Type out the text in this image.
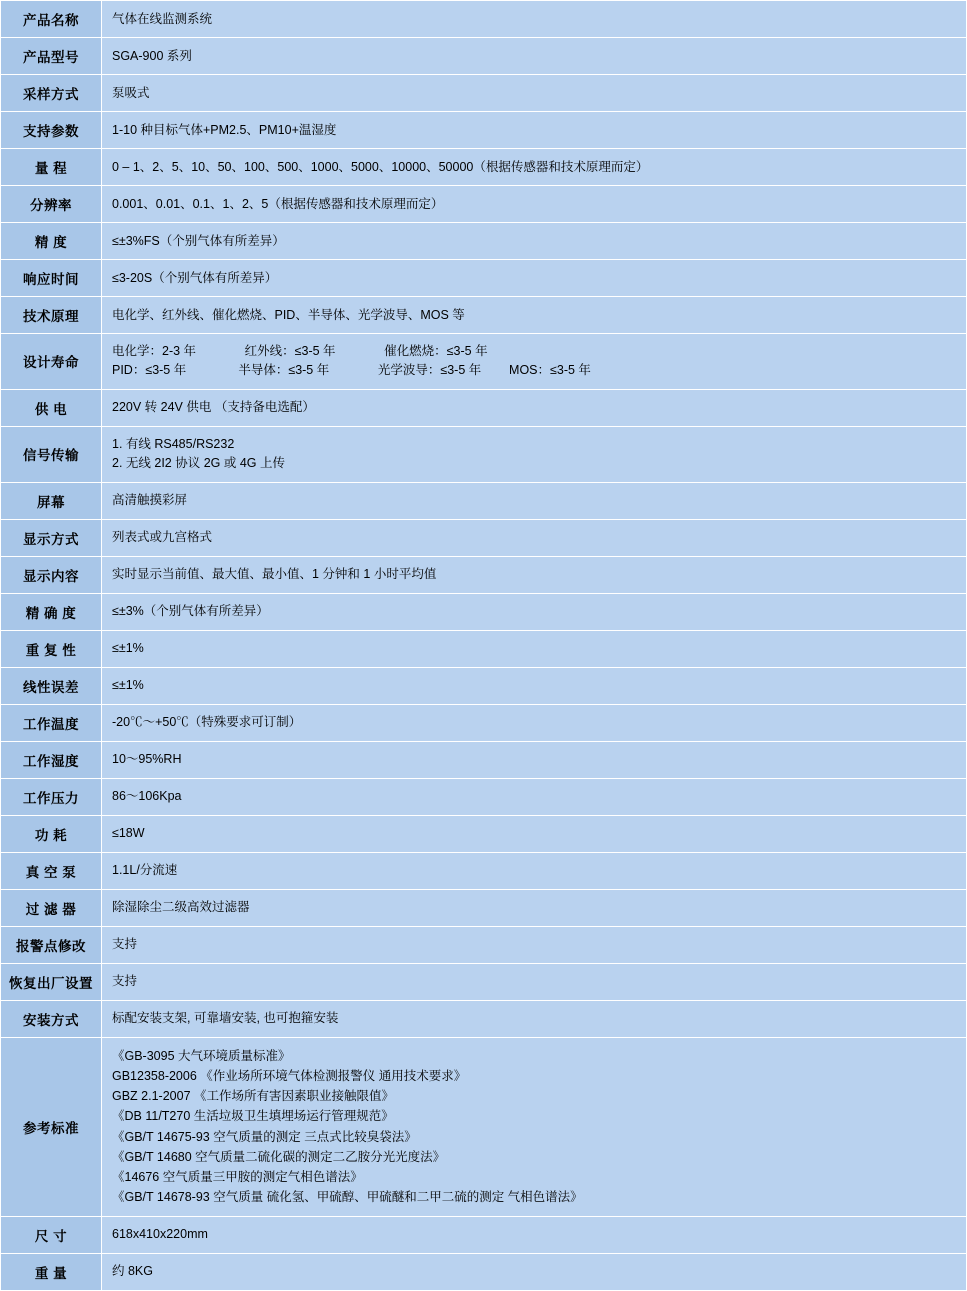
产品名称	气体在线监测系统
产品型号	SGA-900 系列
采样方式	泵吸式
支持参数	1-10 种目标气体+PM2.5、PM10+温湿度
量 程	0 – 1、2、5、10、50、100、500、1000、5000、10000、50000（根据传感器和技术原理而定）
分辨率	0.001、0.01、0.1、1、2、5（根据传感器和技术原理而定）
精 度	≤±3%FS（个别气体有所差异）
响应时间	≤3-20S（个别气体有所差异）
技术原理	电化学、红外线、催化燃烧、PID、半导体、光学波导、MOS 等
设计寿命	电化学：2-3 年              红外线：≤3-5 年              催化燃烧：≤3-5 年
PID：≤3-5 年               半导体：≤3-5 年              光学波导：≤3-5 年        MOS：≤3-5 年

供 电	220V 转 24V 供电 （支持备电选配）
信号传输	1. 有线 RS485/RS232
2. 无线 2I2 协议 2G 或 4G 上传

屏幕	高清触摸彩屏
显示方式	列表式或九宫格式
显示内容	实时显示当前值、最大值、最小值、1 分钟和 1 小时平均值
精 确 度	≤±3%（个别气体有所差异）
重 复 性	≤±1%
线性误差	≤±1%
工作温度	-20℃～+50℃（特殊要求可订制）
工作湿度	10～95%RH
工作压力	86～106Kpa
功 耗	≤18W
真 空 泵	1.1L/分流速
过 滤 器	除湿除尘二级高效过滤器
报警点修改	支持
恢复出厂设置	支持
安装方式	标配安装支架, 可靠墙安装, 也可抱箍安装
参考标准	
《GB-3095 大气环境质量标准》
GB12358-2006 《作业场所环境气体检测报警仪 通用技术要求》
GBZ 2.1-2007 《工作场所有害因素职业接触限值》
《DB 11/T270 生活垃圾卫生填埋场运行管理规范》
《GB/T 14675-93 空气质量的测定 三点式比较臭袋法》
《GB/T 14680 空气质量二硫化碳的测定二乙胺分光光度法》
《14676 空气质量三甲胺的测定气相色谱法》
《GB/T 14678-93 空气质量 硫化氢、甲硫醇、甲硫醚和二甲二硫的测定 气相色谱法》

尺 寸	618x410x220mm
重 量	约 8KG
